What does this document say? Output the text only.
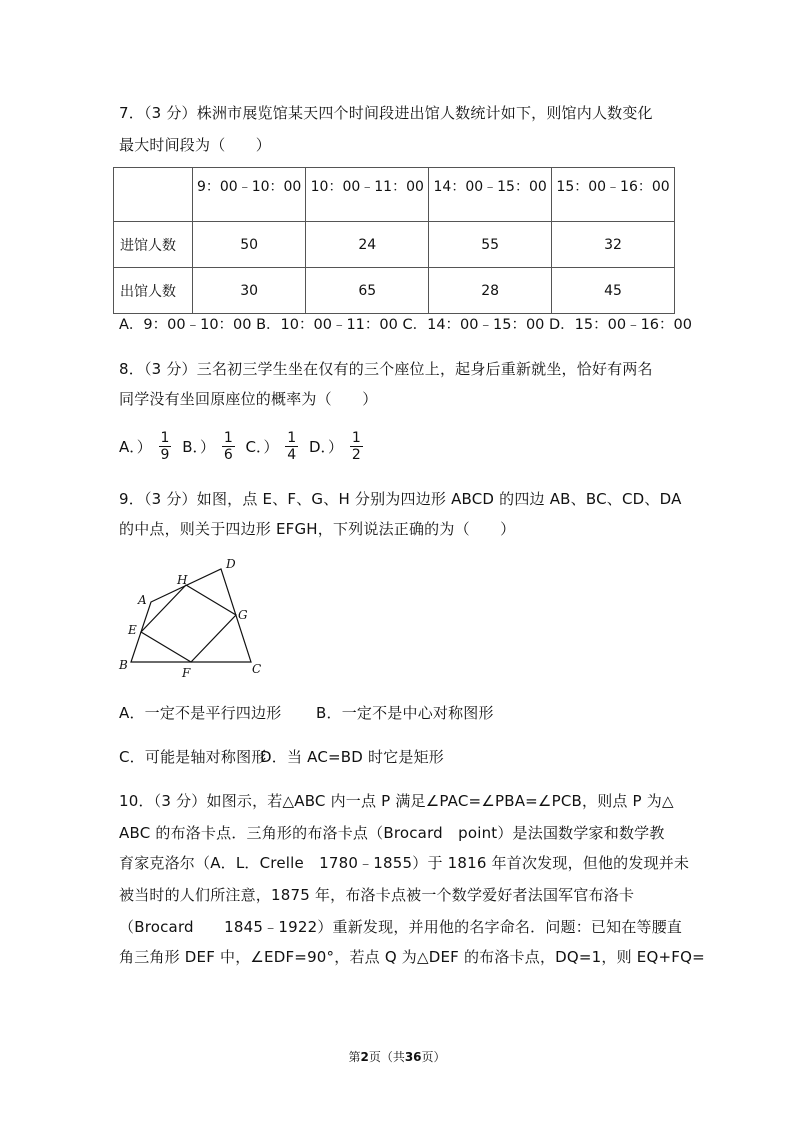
7．（3 分）株洲市展览馆某天四个时间段进出馆人数统计如下，则馆内人数变化
最大时间段为（　　）
	9：00﹣10：00	10：00﹣11：00	14：00﹣15：00	15：00﹣16：00
进馆人数	50	24	55	32
出馆人数	30	65	28	45
A．9：00﹣10：00 B．10：00﹣11：00 C．14：00﹣15：00 D．15：00﹣16：00
8．（3 分）三名初三学生坐在仅有的三个座位上，起身后重新就坐，恰好有两名
同学没有坐回原座位的概率为（　　）
A．） $\frac{1}{9}$ B．） $\frac{1}{6}$ C．） $\frac{1}{4}$ D．） $\frac{1}{2}$
9．（3 分）如图，点 E、F、G、H 分别为四边形 ABCD 的四边 AB、BC、CD、DA
的中点，则关于四边形 EFGH，下列说法正确的为（　　）
A
B	C
D
E
F
G
H
A．一定不是平行四边形 B．一定不是中心对称图形
C．可能是轴对称图形
D．当 AC=BD 时它是矩形
10．（3 分）如图示，若△ABC 内一点 P 满足∠PAC=∠PBA=∠PCB，则点 P 为△
ABC 的布洛卡点．三角形的布洛卡点（Brocard　point）是法国数学家和数学教
育家克洛尔（A．L．Crelle　1780﹣1855）于 1816 年首次发现，但他的发现并未
被当时的人们所注意，1875 年，布洛卡点被一个数学爱好者法国军官布洛卡
（Brocard　　1845﹣1922）重新发现，并用他的名字命名．问题：已知在等腰直
角三角形 DEF 中，∠EDF=90°，若点 Q 为△DEF 的布洛卡点，DQ=1，则 EQ+FQ=
第2页（共36页）
